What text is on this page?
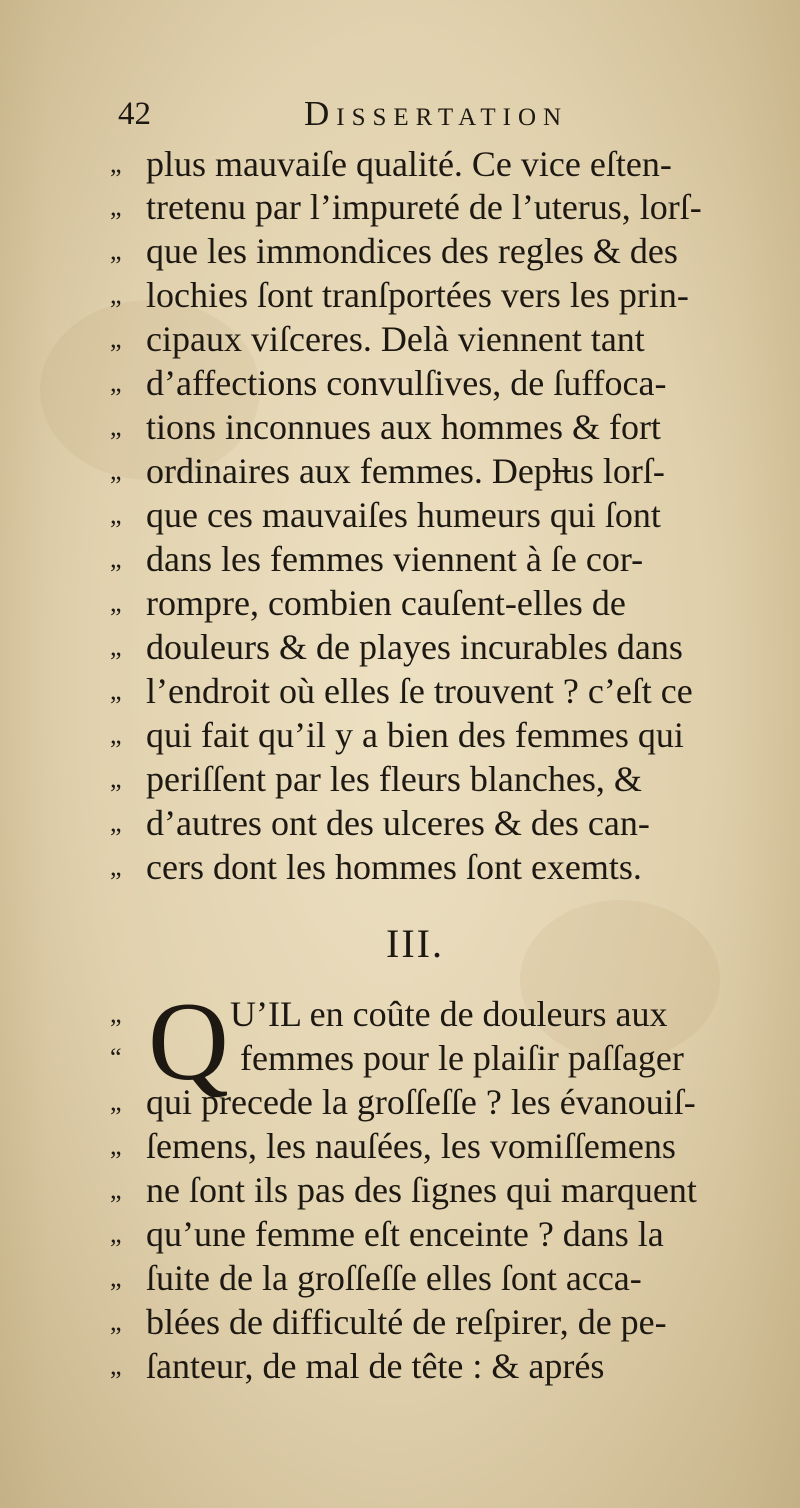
42	Dissertation
„ plus mauvaiſe qualité. Ce vice eſten-
„ tretenu par l’impureté de l’uterus, lorſ-
„ que les immondices des regles & des
„ lochies ſont tranſportées vers les prin-
„ cipaux viſceres. Delà viennent tant
„ d’affections convulſives, de ſuffoca-
„ tions inconnues aux hommes & fort
„ ordinaires aux femmes. Depl̶us lorſ-
„ que ces mauvaiſes humeurs qui ſont
„ dans les femmes viennent à ſe cor-
„ rompre, combien cauſent-elles de
„ douleurs & de playes incurables dans
„ l’endroit où elles ſe trouvent ? c’eſt ce
„ qui fait qu’il y a bien des femmes qui
„ periſſent par les fleurs blanches, &
„ d’autres ont des ulceres & des can-
„ cers dont les hommes ſont exemts.
III.
Q
„
“
U’IL en coûte de douleurs aux
femmes pour le plaiſir paſſager
„ qui precede la groſſeſſe ? les évanouiſ-
„ ſemens, les nauſées, les vomiſſemens
„ ne ſont ils pas des ſignes qui marquent
„ qu’une femme eſt enceinte ? dans la
„ ſuite de la groſſeſſe elles ſont acca-
„ blées de difficulté de reſpirer, de pe-
„ ſanteur, de mal de tête : & aprés
